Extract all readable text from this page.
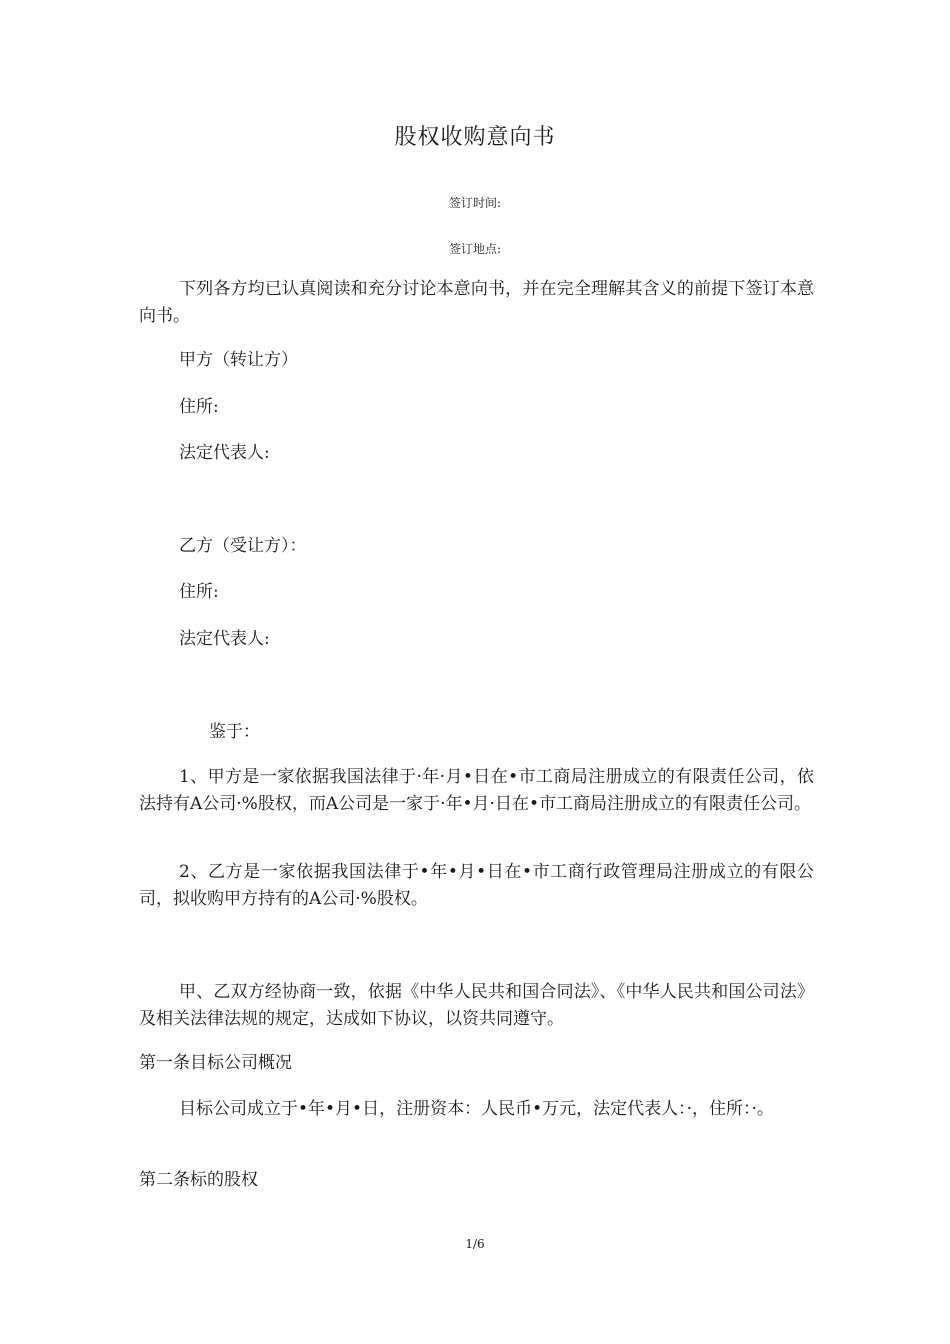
股权收购意向书
签订时间:
签订地点:
下列各方均已认真阅读和充分讨论本意向书，并在完全理解其含义的前提下签订本意向书。
甲方（转让方）
住所:
法定代表人:
乙方（受让方）：
住所:
法定代表人:
鉴于：
1、甲方是一家依据我国法律于·年·月•日在•市工商局注册成立的有限责任公司，依法持有A公司·%股权，而A公司是一家于·年•月·日在•市工商局注册成立的有限责任公司。
2、乙方是一家依据我国法律于•年•月•日在•市工商行政管理局注册成立的有限公司，拟收购甲方持有的A公司·%股权。
甲、乙双方经协商一致，依据《中华人民共和国合同法》、《中华人民共和国公司法》及相关法律法规的规定，达成如下协议，以资共同遵守。
第一条目标公司概况
目标公司成立于•年•月•日，注册资本：人民币•万元，法定代表人：·，住所：·。
第二条标的股权
1/6
